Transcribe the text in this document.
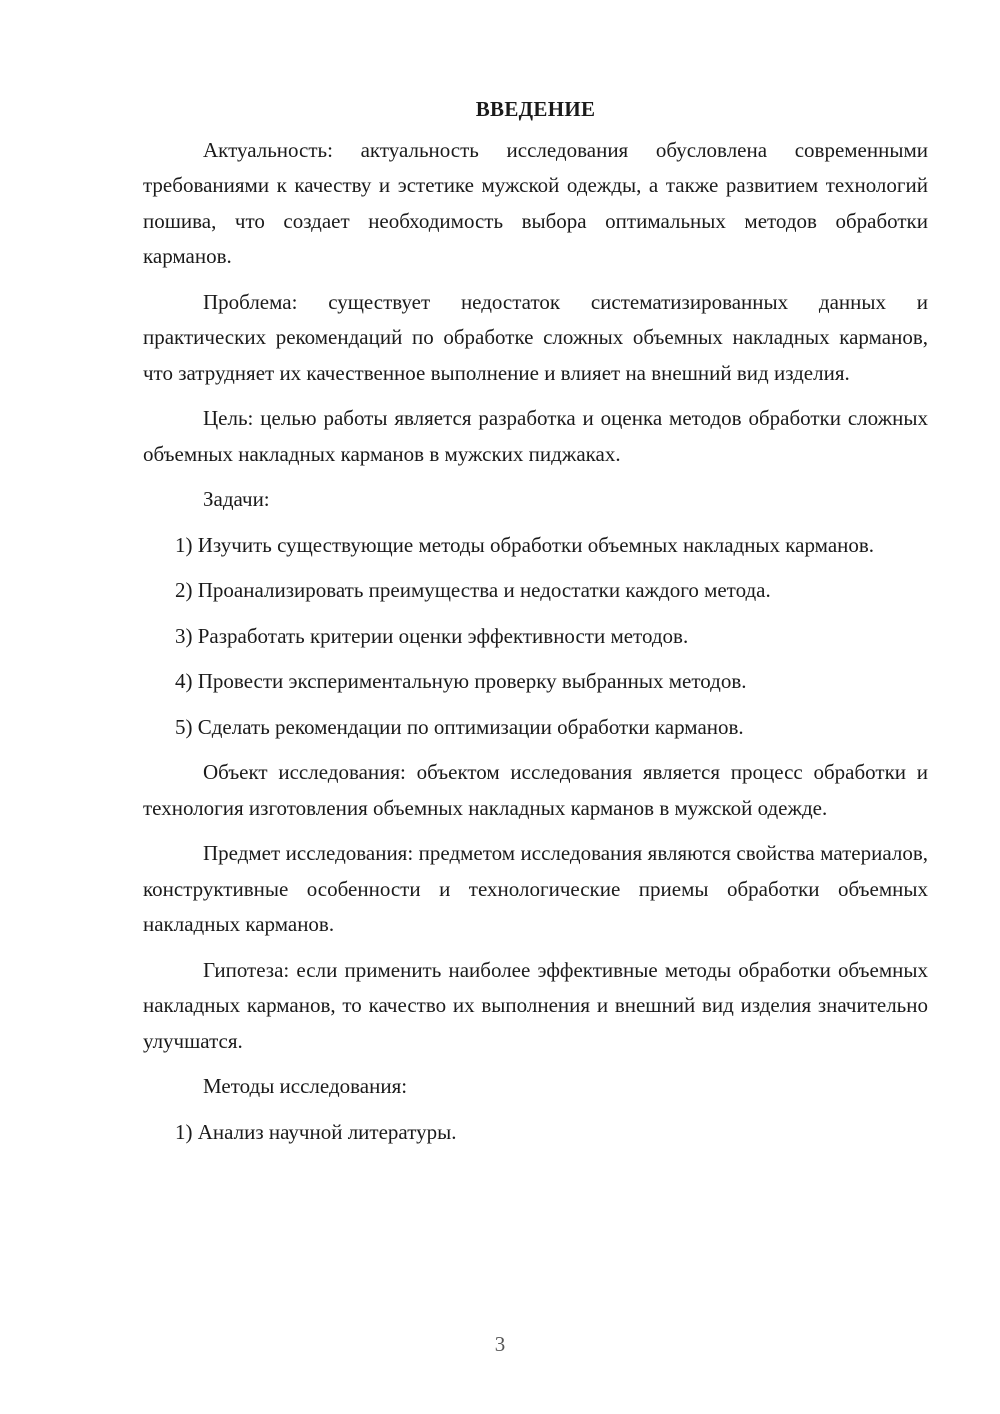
ВВЕДЕНИЕ

Актуальность: актуальность исследования обусловлена современными требованиями к качеству и эстетике мужской одежды, а также развитием технологий пошива, что создает необходимость выбора оптимальных методов обработки карманов.

Проблема: существует недостаток систематизированных данных и практических рекомендаций по обработке сложных объемных накладных карманов, что затрудняет их качественное выполнение и влияет на внешний вид изделия.

Цель: целью работы является разработка и оценка методов обработки сложных объемных накладных карманов в мужских пиджаках.

Задачи:

1) Изучить существующие методы обработки объемных накладных карманов.

2) Проанализировать преимущества и недостатки каждого метода.

3) Разработать критерии оценки эффективности методов.

4) Провести экспериментальную проверку выбранных методов.

5) Сделать рекомендации по оптимизации обработки карманов.

Объект исследования: объектом исследования является процесс обработки и технология изготовления объемных накладных карманов в мужской одежде.

Предмет исследования: предметом исследования являются свойства материалов, конструктивные особенности и технологические приемы обработки объемных накладных карманов.

Гипотеза: если применить наиболее эффективные методы обработки объемных накладных карманов, то качество их выполнения и внешний вид изделия значительно улучшатся.

Методы исследования:

1) Анализ научной литературы.

3
